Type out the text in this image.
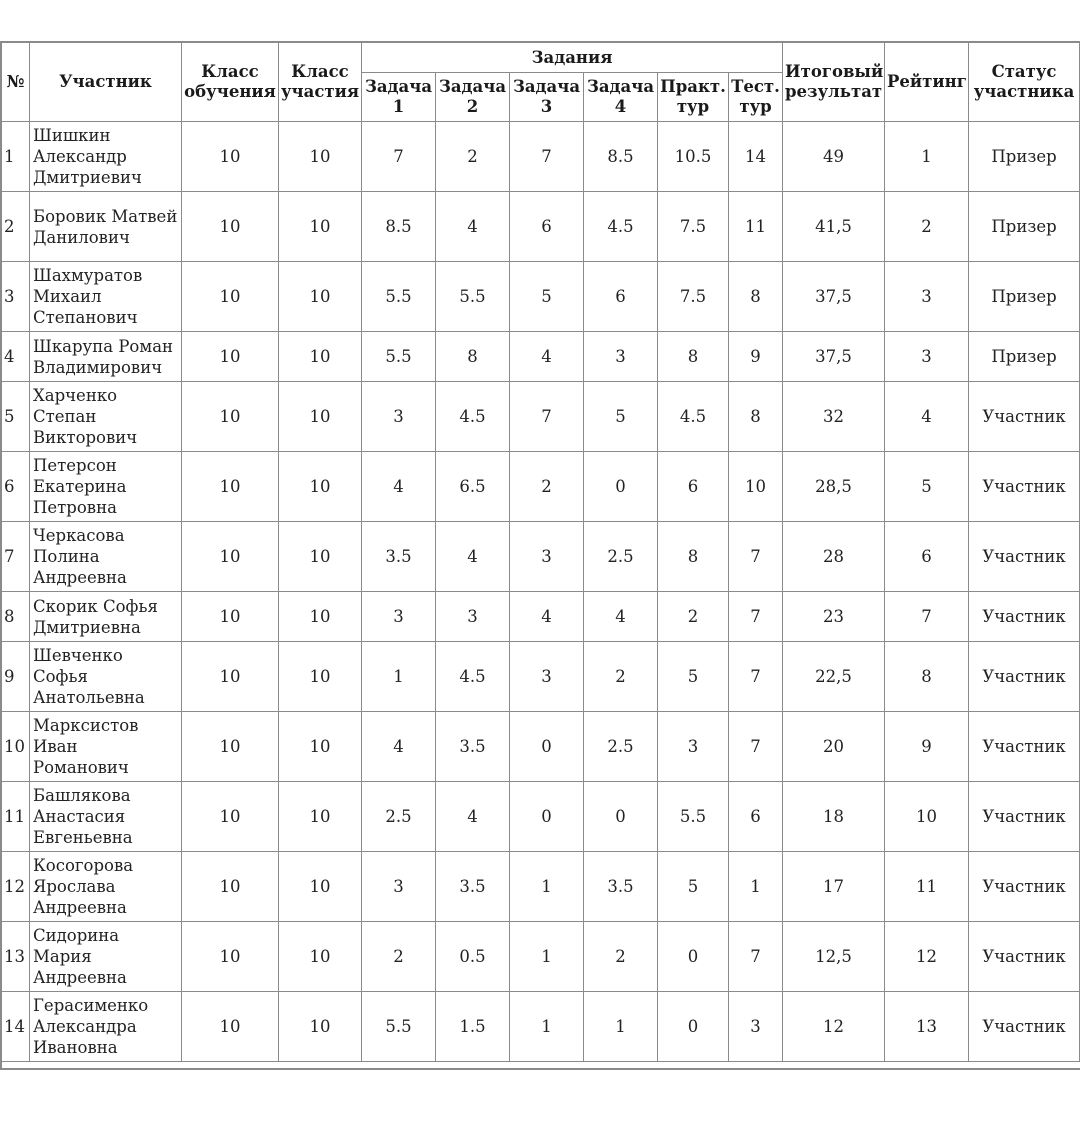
№	Участник	Класс обучения	Класс участия	Задания						Итоговый результат	Рейтинг	Статус участника
				Задача 1	Задача 2	Задача 3	Задача 4	Практ. тур	Тест. тур			
1	Шишкин Александр Дмитриевич	10	10	7	2	7	8.5	10.5	14	49	1	Призер
2	Боровик Матвей Данилович	10	10	8.5	4	6	4.5	7.5	11	41,5	2	Призер
3	Шахмуратов Михаил Степанович	10	10	5.5	5.5	5	6	7.5	8	37,5	3	Призер
4	Шкарупа Роман Владимирович	10	10	5.5	8	4	3	8	9	37,5	3	Призер
5	Харченко Степан Викторович	10	10	3	4.5	7	5	4.5	8	32	4	Участник
6	Петерсон Екатерина Петровна	10	10	4	6.5	2	0	6	10	28,5	5	Участник
7	Черкасова Полина Андреевна	10	10	3.5	4	3	2.5	8	7	28	6	Участник
8	Скорик Софья Дмитриевна	10	10	3	3	4	4	2	7	23	7	Участник
9	Шевченко Софья Анатольевна	10	10	1	4.5	3	2	5	7	22,5	8	Участник
10	Марксистов Иван Романович	10	10	4	3.5	0	2.5	3	7	20	9	Участник
11	Башлякова Анастасия Евгеньевна	10	10	2.5	4	0	0	5.5	6	18	10	Участник
12	Косогорова Ярослава Андреевна	10	10	3	3.5	1	3.5	5	1	17	11	Участник
13	Сидорина Мария Андреевна	10	10	2	0.5	1	2	0	7	12,5	12	Участник
14	Герасименко Александра Ивановна	10	10	5.5	1.5	1	1	0	3	12	13	Участник
